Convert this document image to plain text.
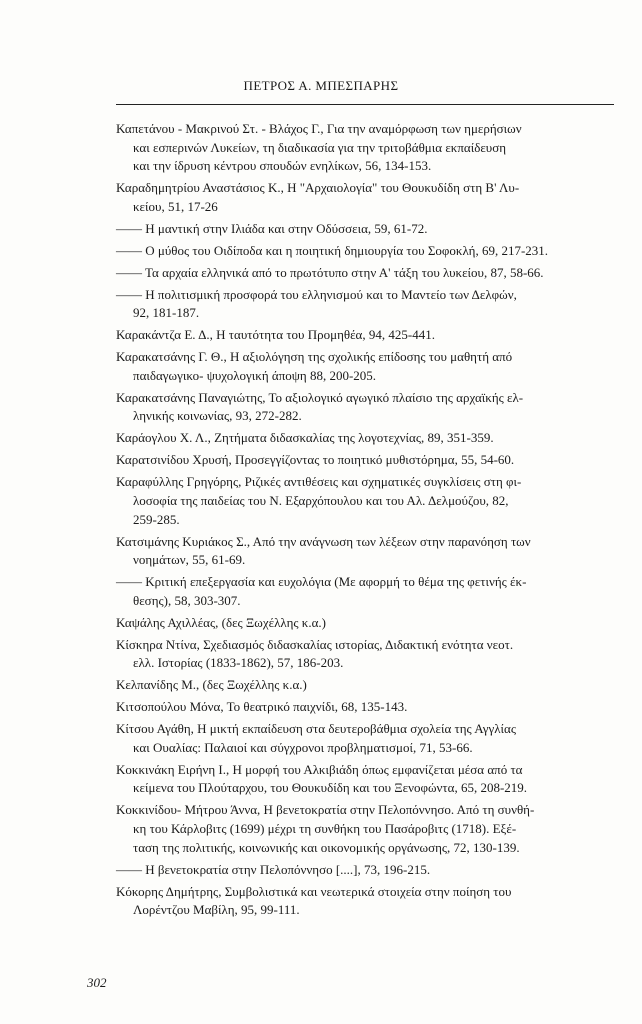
ΠΕΤΡΟΣ Α. ΜΠΕΣΠΑΡΗΣ
Καπετάνου - Μακρινού Στ. - Βλάχος Γ., Για την αναμόρφωση των ημερήσιων
και εσπερινών Λυκείων, τη διαδικασία για την τριτοβάθμια εκπαίδευση
και την ίδρυση κέντρου σπουδών ενηλίκων, 56, 134-153.
Καραδημητρίου Αναστάσιος Κ., Η "Αρχαιολογία" του Θουκυδίδη στη Β' Λυ-
κείου, 51, 17-26
—— Η μαντική στην Ιλιάδα και στην Οδύσσεια, 59, 61-72.
—— Ο μύθος του Οιδίποδα και η ποιητική δημιουργία του Σοφοκλή, 69, 217-231.
—— Τα αρχαία ελληνικά από το πρωτότυπο στην Α' τάξη του λυκείου, 87, 58-66.
—— Η πολιτισμική προσφορά του ελληνισμού και το Μαντείο των Δελφών,
92, 181-187.
Καρακάντζα Ε. Δ., Η ταυτότητα του Προμηθέα, 94, 425-441.
Καρακατσάνης Γ. Θ., Η αξιολόγηση της σχολικής επίδοσης του μαθητή από
παιδαγωγικο- ψυχολογική άποψη 88, 200-205.
Καρακατσάνης Παναγιώτης, Το αξιολογικό αγωγικό πλαίσιο της αρχαϊκής ελ-
ληνικής κοινωνίας, 93, 272-282.
Καράογλου Χ. Λ., Ζητήματα διδασκαλίας της λογοτεχνίας, 89, 351-359.
Καρατσινίδου Χρυσή, Προσεγγίζοντας το ποιητικό μυθιστόρημα, 55, 54-60.
Καραφύλλης Γρηγόρης, Ριζικές αντιθέσεις και σχηματικές συγκλίσεις στη φι-
λοσοφία της παιδείας του Ν. Εξαρχόπουλου και του Αλ. Δελμούζου, 82,
259-285.
Κατσιμάνης Κυριάκος Σ., Από την ανάγνωση των λέξεων στην παρανόηση των
νοημάτων, 55, 61-69.
—— Κριτική επεξεργασία και ευχολόγια (Με αφορμή το θέμα της φετινής έκ-
θεσης), 58, 303-307.
Καψάλης Αχιλλέας, (δες Ξωχέλλης κ.α.)
Κίσκηρα Ντίνα, Σχεδιασμός διδασκαλίας ιστορίας, Διδακτική ενότητα νεοτ.
ελλ. Ιστορίας (1833-1862), 57, 186-203.
Κελπανίδης Μ., (δες Ξωχέλλης κ.α.)
Κιτσοπούλου Μόνα, Το θεατρικό παιχνίδι, 68, 135-143.
Κίτσου Αγάθη, Η μικτή εκπαίδευση στα δευτεροβάθμια σχολεία της Αγγλίας
και Ουαλίας: Παλαιοί και σύγχρονοι προβληματισμοί, 71, 53-66.
Κοκκινάκη Ειρήνη Ι., Η μορφή του Αλκιβιάδη όπως εμφανίζεται μέσα από τα
κείμενα του Πλούταρχου, του Θουκυδίδη και του Ξενοφώντα, 65, 208-219.
Κοκκινίδου- Μήτρου Άννα, Η βενετοκρατία στην Πελοπόννησο. Από τη συνθή-
κη του Κάρλοβιτς (1699) μέχρι τη συνθήκη του Πασάροβιτς (1718). Εξέ-
ταση της πολιτικής, κοινωνικής και οικονομικής οργάνωσης, 72, 130-139.
—— Η βενετοκρατία στην Πελοπόννησο [....], 73, 196-215.
Κόκορης Δημήτρης, Συμβολιστικά και νεωτερικά στοιχεία στην ποίηση του
Λορέντζου Μαβίλη, 95, 99-111.
302
